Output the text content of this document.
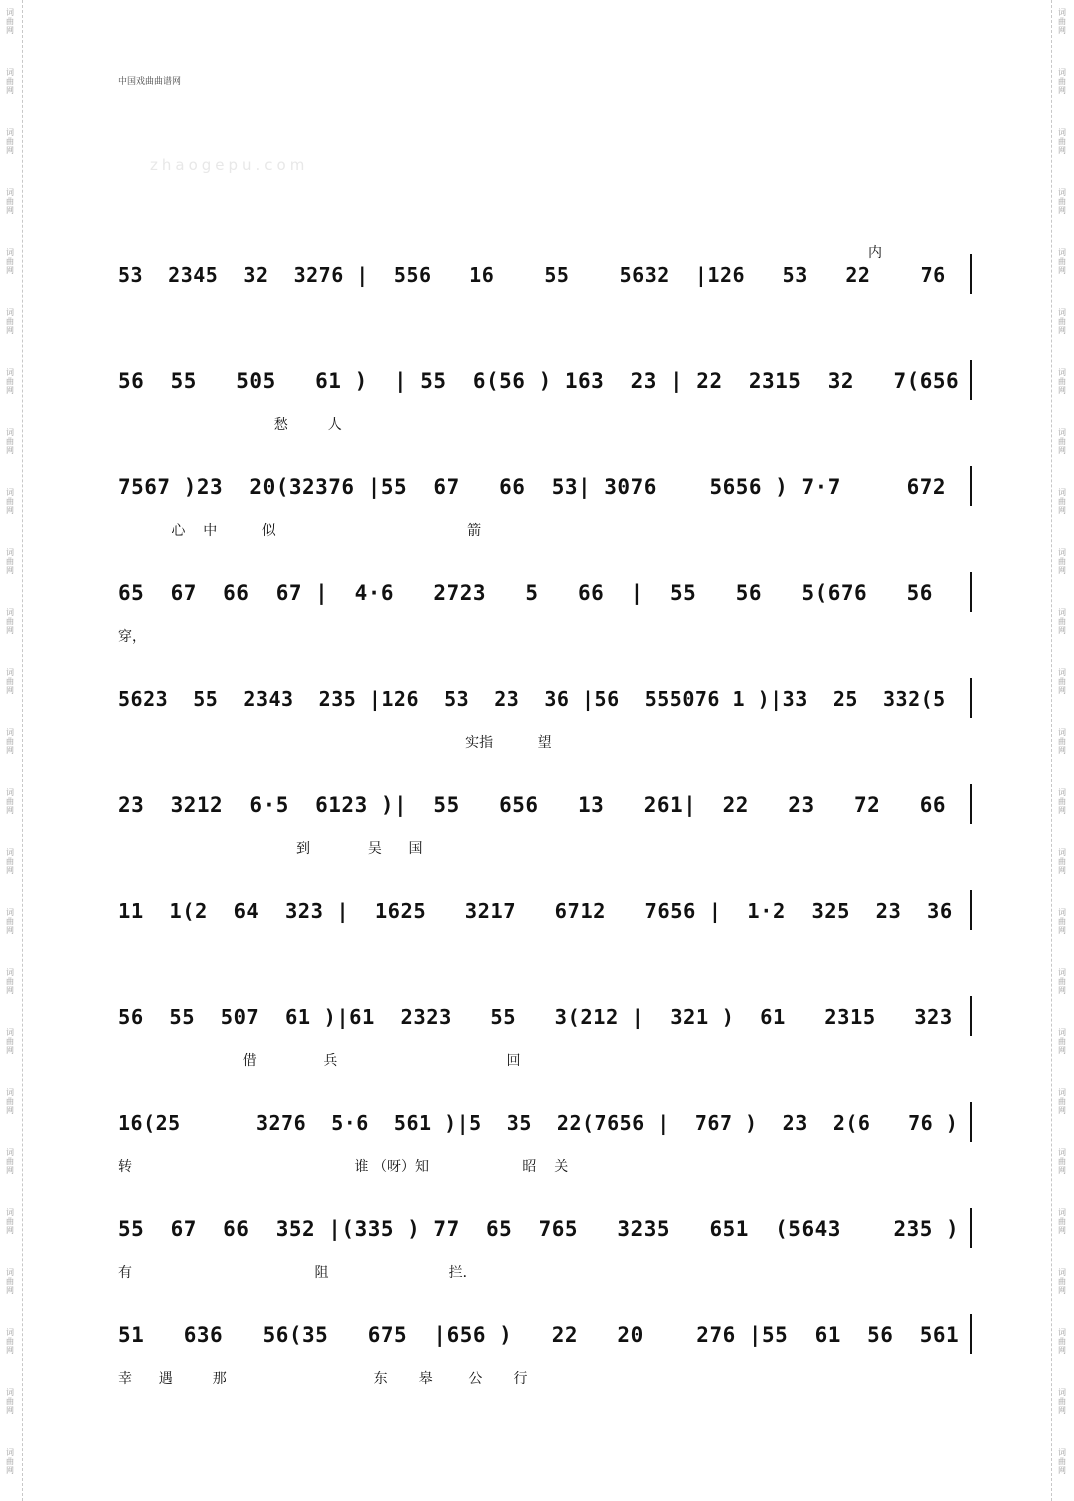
词
曲
网
词
曲
网
词
曲
网
词
曲
网
词
曲
网
词
曲
网
词
曲
网
词
曲
网
词
曲
网
词
曲
网
词
曲
网
词
曲
网
词
曲
网
词
曲
网
词
曲
网
词
曲
网
词
曲
网
词
曲
网
词
曲
网
词
曲
网
词
曲
网
词
曲
网
词
曲
网
词
曲
网
词
曲
网
词
曲
网
词
曲
网
词
曲
网
词
曲
网
词
曲
网
词
曲
网
词
曲
网
词
曲
网
词
曲
网
词
曲
网
词
曲
网
词
曲
网
词
曲
网
词
曲
网
词
曲
网
词
曲
网
词
曲
网
词
曲
网
词
曲
网
词
曲
网
词
曲
网
词
曲
网
词
曲
网
词
曲
网
词
曲
网
中国戏曲曲谱网
zhaogepu.com
内
53  2345  32  3276 |  556   16    55    5632  |126   53   22    76
56  55   505   61 )  | 55  6(56 ) 163  23 | 22  2315  32   7(656
愁         人
7567 )23  20(32376 |55  67   66  53| 3076    5656 ) 7·7     672
心    中          似                                           箭
65  67  66  67 |  4·6   2723   5   66  |  55   56   5(676   56
穿，
5623  55  2343  235 |126  53  23  36 |56  555076 1 )|33  25  332(5
实指          望
23  3212  6·5  6123 )|  55   656   13   261|  22   23   72   66
到             吴      国
11  1(2  64  323 |  1625   3217   6712   7656 |  1·2  325  23  36
56  55  507  61 )|61  2323   55   3(212 |  321 )  61   2315   323
借               兵                                      回
16(25      3276  5·6  561 )|5  35  22(7656 |  767 )  23  2(6   76 )
转                                                  谁 （呀）知                     昭    关
55  67  66  352 |(335 ) 77  65  765   3235   651  (5643    235 )
有                                         阻                           拦．
51   636   56(35   675  |656 )   22   20    276 |55  61  56  561
幸      遇         那                                 东       皋        公       行
